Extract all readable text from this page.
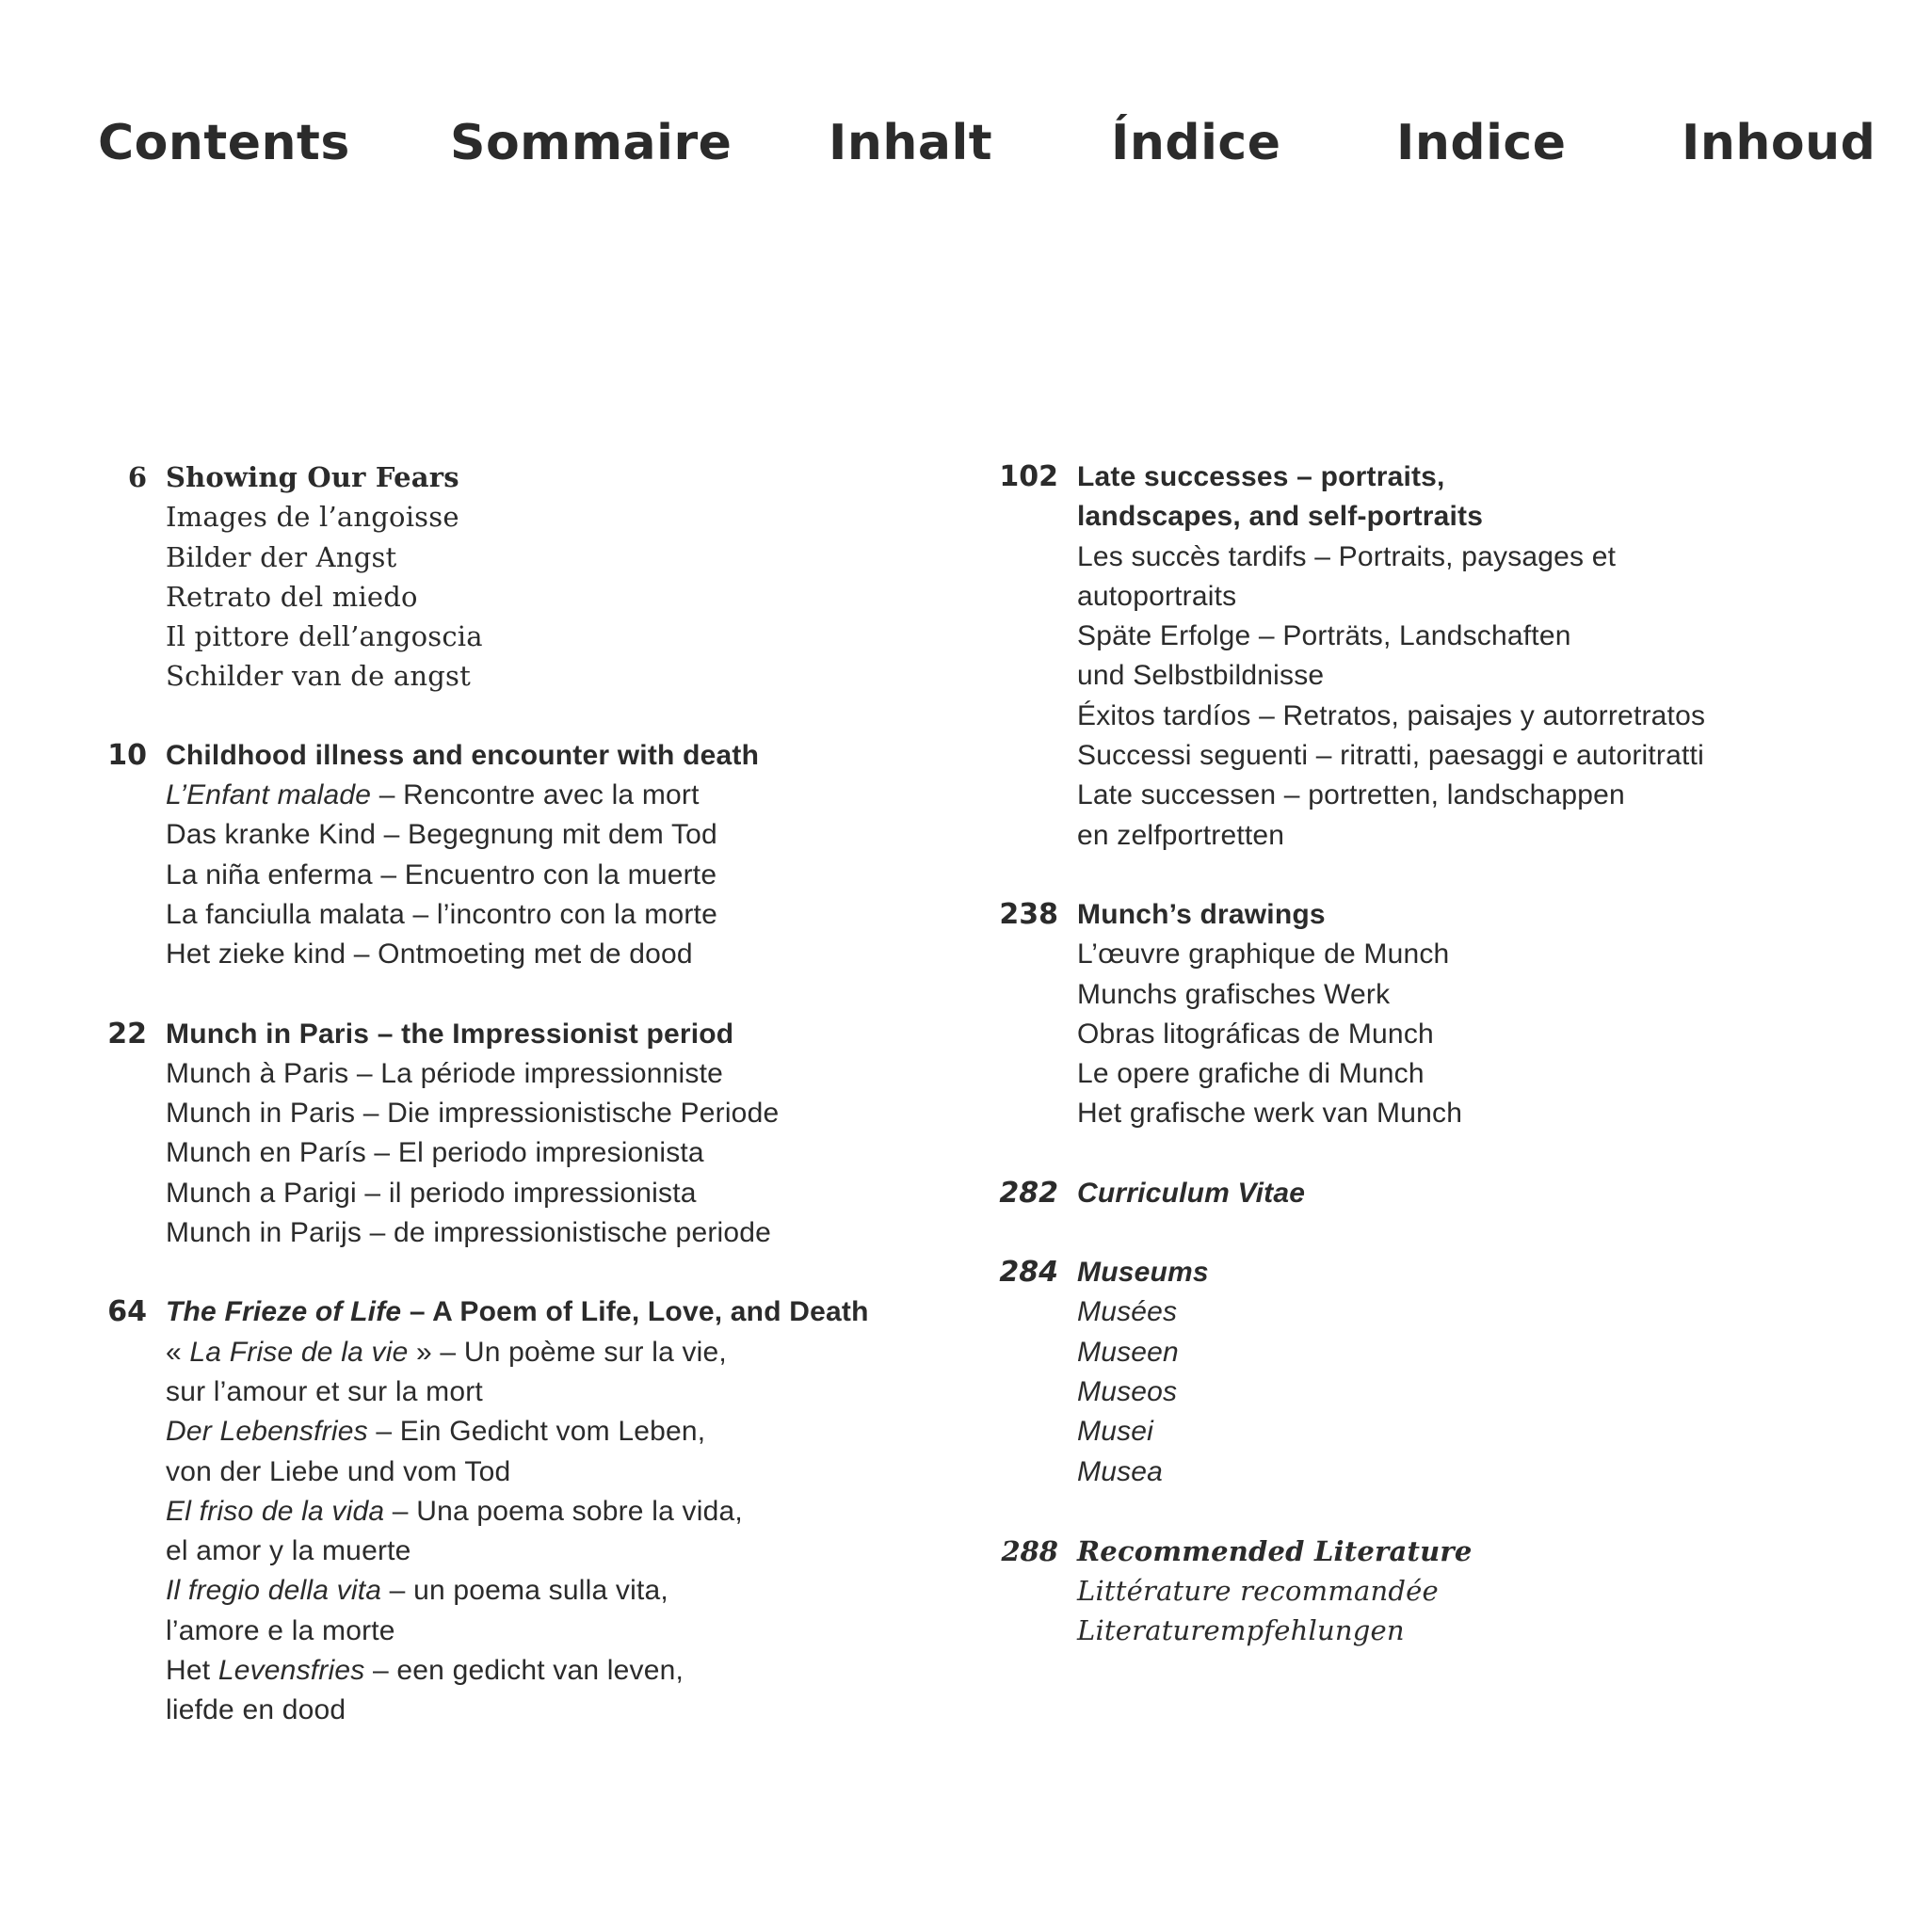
Contents Sommaire Inhalt Índice Indice Inhoud
6 Showing Our Fears
Images de l’angoisse
Bilder der Angst
Retrato del miedo
Il pittore dell’angoscia
Schilder van de angst
10 Childhood illness and encounter with death
L’Enfant malade – Rencontre avec la mort
Das kranke Kind – Begegnung mit dem Tod
La niña enferma – Encuentro con la muerte
La fanciulla malata – l’incontro con la morte
Het zieke kind – Ontmoeting met de dood
22 Munch in Paris – the Impressionist period
Munch à Paris – La période impressionniste
Munch in Paris – Die impressionistische Periode
Munch en París – El periodo impresionista
Munch a Parigi – il periodo impressionista
Munch in Parijs – de impressionistische periode
64 The Frieze of Life – A Poem of Life, Love, and Death
« La Frise de la vie » – Un poème sur la vie,
sur l’amour et sur la mort
Der Lebensfries – Ein Gedicht vom Leben,
von der Liebe und vom Tod
El friso de la vida – Una poema sobre la vida,
el amor y la muerte
Il fregio della vita – un poema sulla vita,
l’amore e la morte
Het Levensfries – een gedicht van leven,
liefde en dood
102 Late successes – portraits,
landscapes, and self-portraits
Les succès tardifs – Portraits, paysages et
autoportraits
Späte Erfolge – Porträts, Landschaften
und Selbstbildnisse
Éxitos tardíos – Retratos, paisajes y autorretratos
Successi seguenti – ritratti, paesaggi e autoritratti
Late successen – portretten, landschappen
en zelfportretten
238 Munch’s drawings
L’œuvre graphique de Munch
Munchs grafisches Werk
Obras litográficas de Munch
Le opere grafiche di Munch
Het grafische werk van Munch
282 Curriculum Vitae
284 Museums
Musées
Museen
Museos
Musei
Musea
288 Recommended Literature
Littérature recommandée
Literaturempfehlungen
